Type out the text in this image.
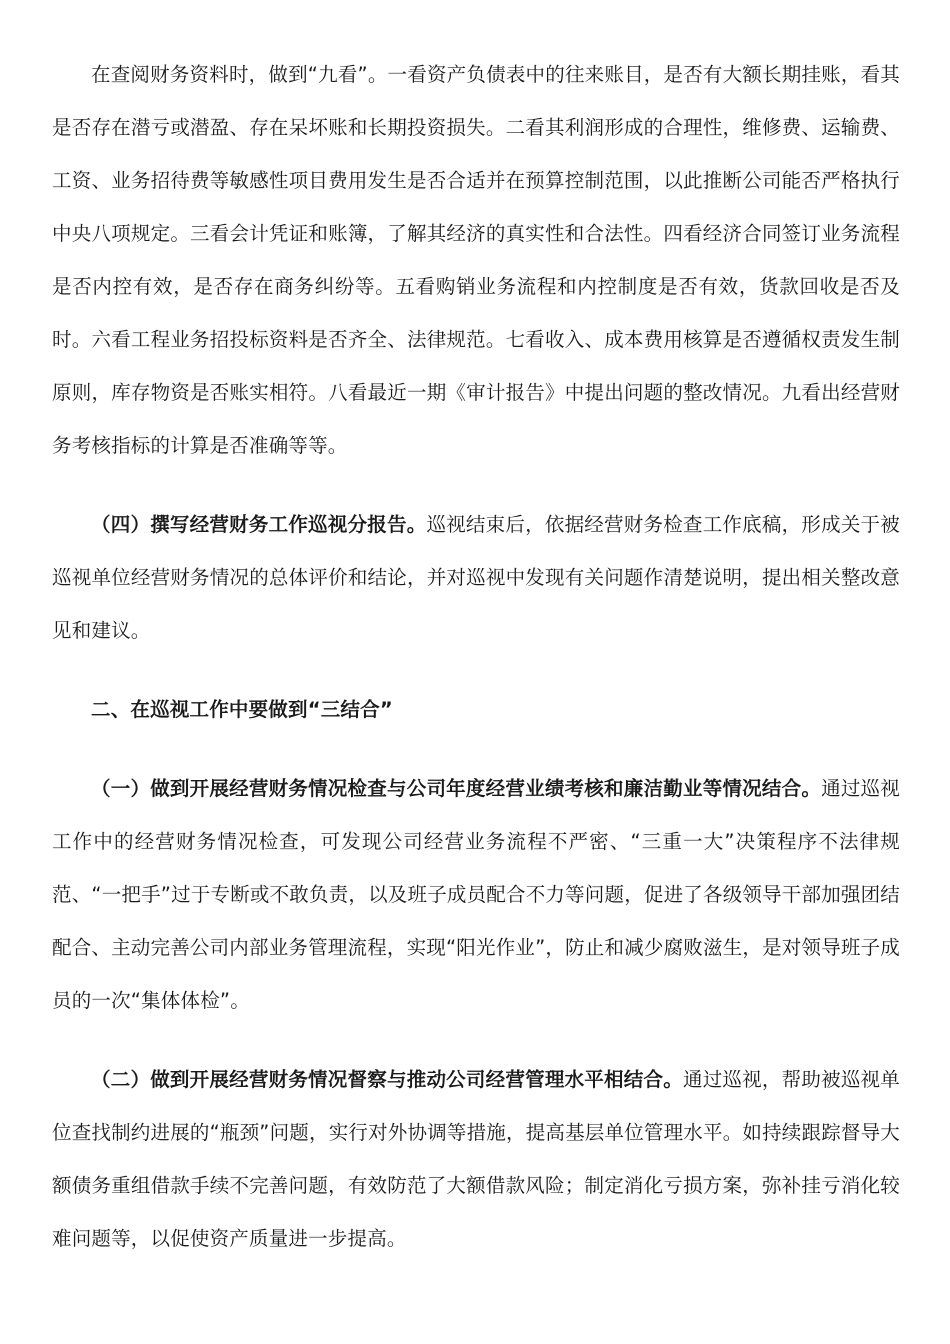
在查阅财务资料时，做到“九看”。一看资产负债表中的往来账目，是否有大额长期挂账，看其是否存在潜亏或潜盈、存在呆坏账和长期投资损失。二看其利润形成的合理性，维修费、运输费、工资、业务招待费等敏感性项目费用发生是否合适并在预算控制范围，以此推断公司能否严格执行中央八项规定。三看会计凭证和账簿，了解其经济的真实性和合法性。四看经济合同签订业务流程是否内控有效，是否存在商务纠纷等。五看购销业务流程和内控制度是否有效，货款回收是否及时。六看工程业务招投标资料是否齐全、法律规范。七看收入、成本费用核算是否遵循权责发生制原则，库存物资是否账实相符。八看最近一期《审计报告》中提出问题的整改情况。九看出经营财务考核指标的计算是否准确等等。

（四）撰写经营财务工作巡视分报告。巡视结束后，依据经营财务检查工作底稿，形成关于被巡视单位经营财务情况的总体评价和结论，并对巡视中发现有关问题作清楚说明，提出相关整改意见和建议。

二、在巡视工作中要做到“三结合”

（一）做到开展经营财务情况检查与公司年度经营业绩考核和廉洁勤业等情况结合。通过巡视工作中的经营财务情况检查，可发现公司经营业务流程不严密、“三重一大”决策程序不法律规范、“一把手”过于专断或不敢负责，以及班子成员配合不力等问题，促进了各级领导干部加强团结配合、主动完善公司内部业务管理流程，实现“阳光作业”，防止和减少腐败滋生，是对领导班子成员的一次“集体体检”。

（二）做到开展经营财务情况督察与推动公司经营管理水平相结合。通过巡视，帮助被巡视单位查找制约进展的“瓶颈”问题，实行对外协调等措施，提高基层单位管理水平。如持续跟踪督导大额债务重组借款手续不完善问题，有效防范了大额借款风险；制定消化亏损方案，弥补挂亏消化较难问题等，以促使资产质量进一步提高。
